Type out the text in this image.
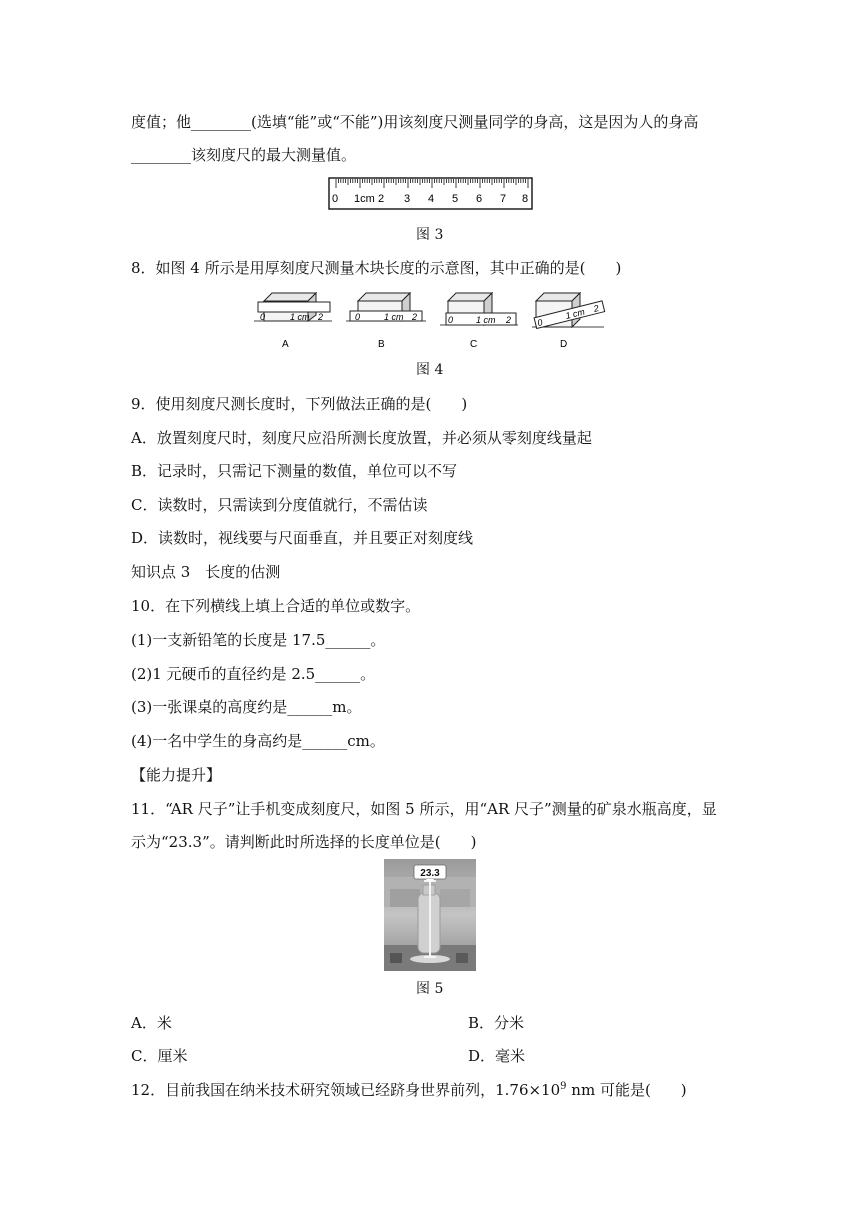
度值；他________(选填“能”或“不能”)用该刻度尺测量同学的身高，这是因为人的身高
________该刻度尺的最大测量值。
0 1cm 2 3 4 5 6 7 8
图 3
8．如图 4 所示是用厚刻度尺测量木块长度的示意图，其中正确的是(　　)
0	1 cm 2
A
0	1 cm 2
B
0	1 cm 2
C
0
1 cm 2
D
图 4
9．使用刻度尺测长度时，下列做法正确的是(　　)
A．放置刻度尺时，刻度尺应沿所测长度放置，并必须从零刻度线量起
B．记录时，只需记下测量的数值，单位可以不写
C．读数时，只需读到分度值就行，不需估读
D．读数时，视线要与尺面垂直，并且要正对刻度线
知识点 3　长度的估测
10．在下列横线上填上合适的单位或数字。
(1)一支新铅笔的长度是 17.5______。
(2)1 元硬币的直径约是 2.5______。
(3)一张课桌的高度约是______m。
(4)一名中学生的身高约是______cm。
【能力提升】
11．“AR 尺子”让手机变成刻度尺，如图 5 所示，用“AR 尺子”测量的矿泉水瓶高度，显
示为“23.3”。请判断此时所选择的长度单位是(　　)
23.3
图 5
A．米	B．分米
C．厘米	D．毫米
12．目前我国在纳米技术研究领域已经跻身世界前列，$1.76\times 10^9$ nm 可能是(　　)
